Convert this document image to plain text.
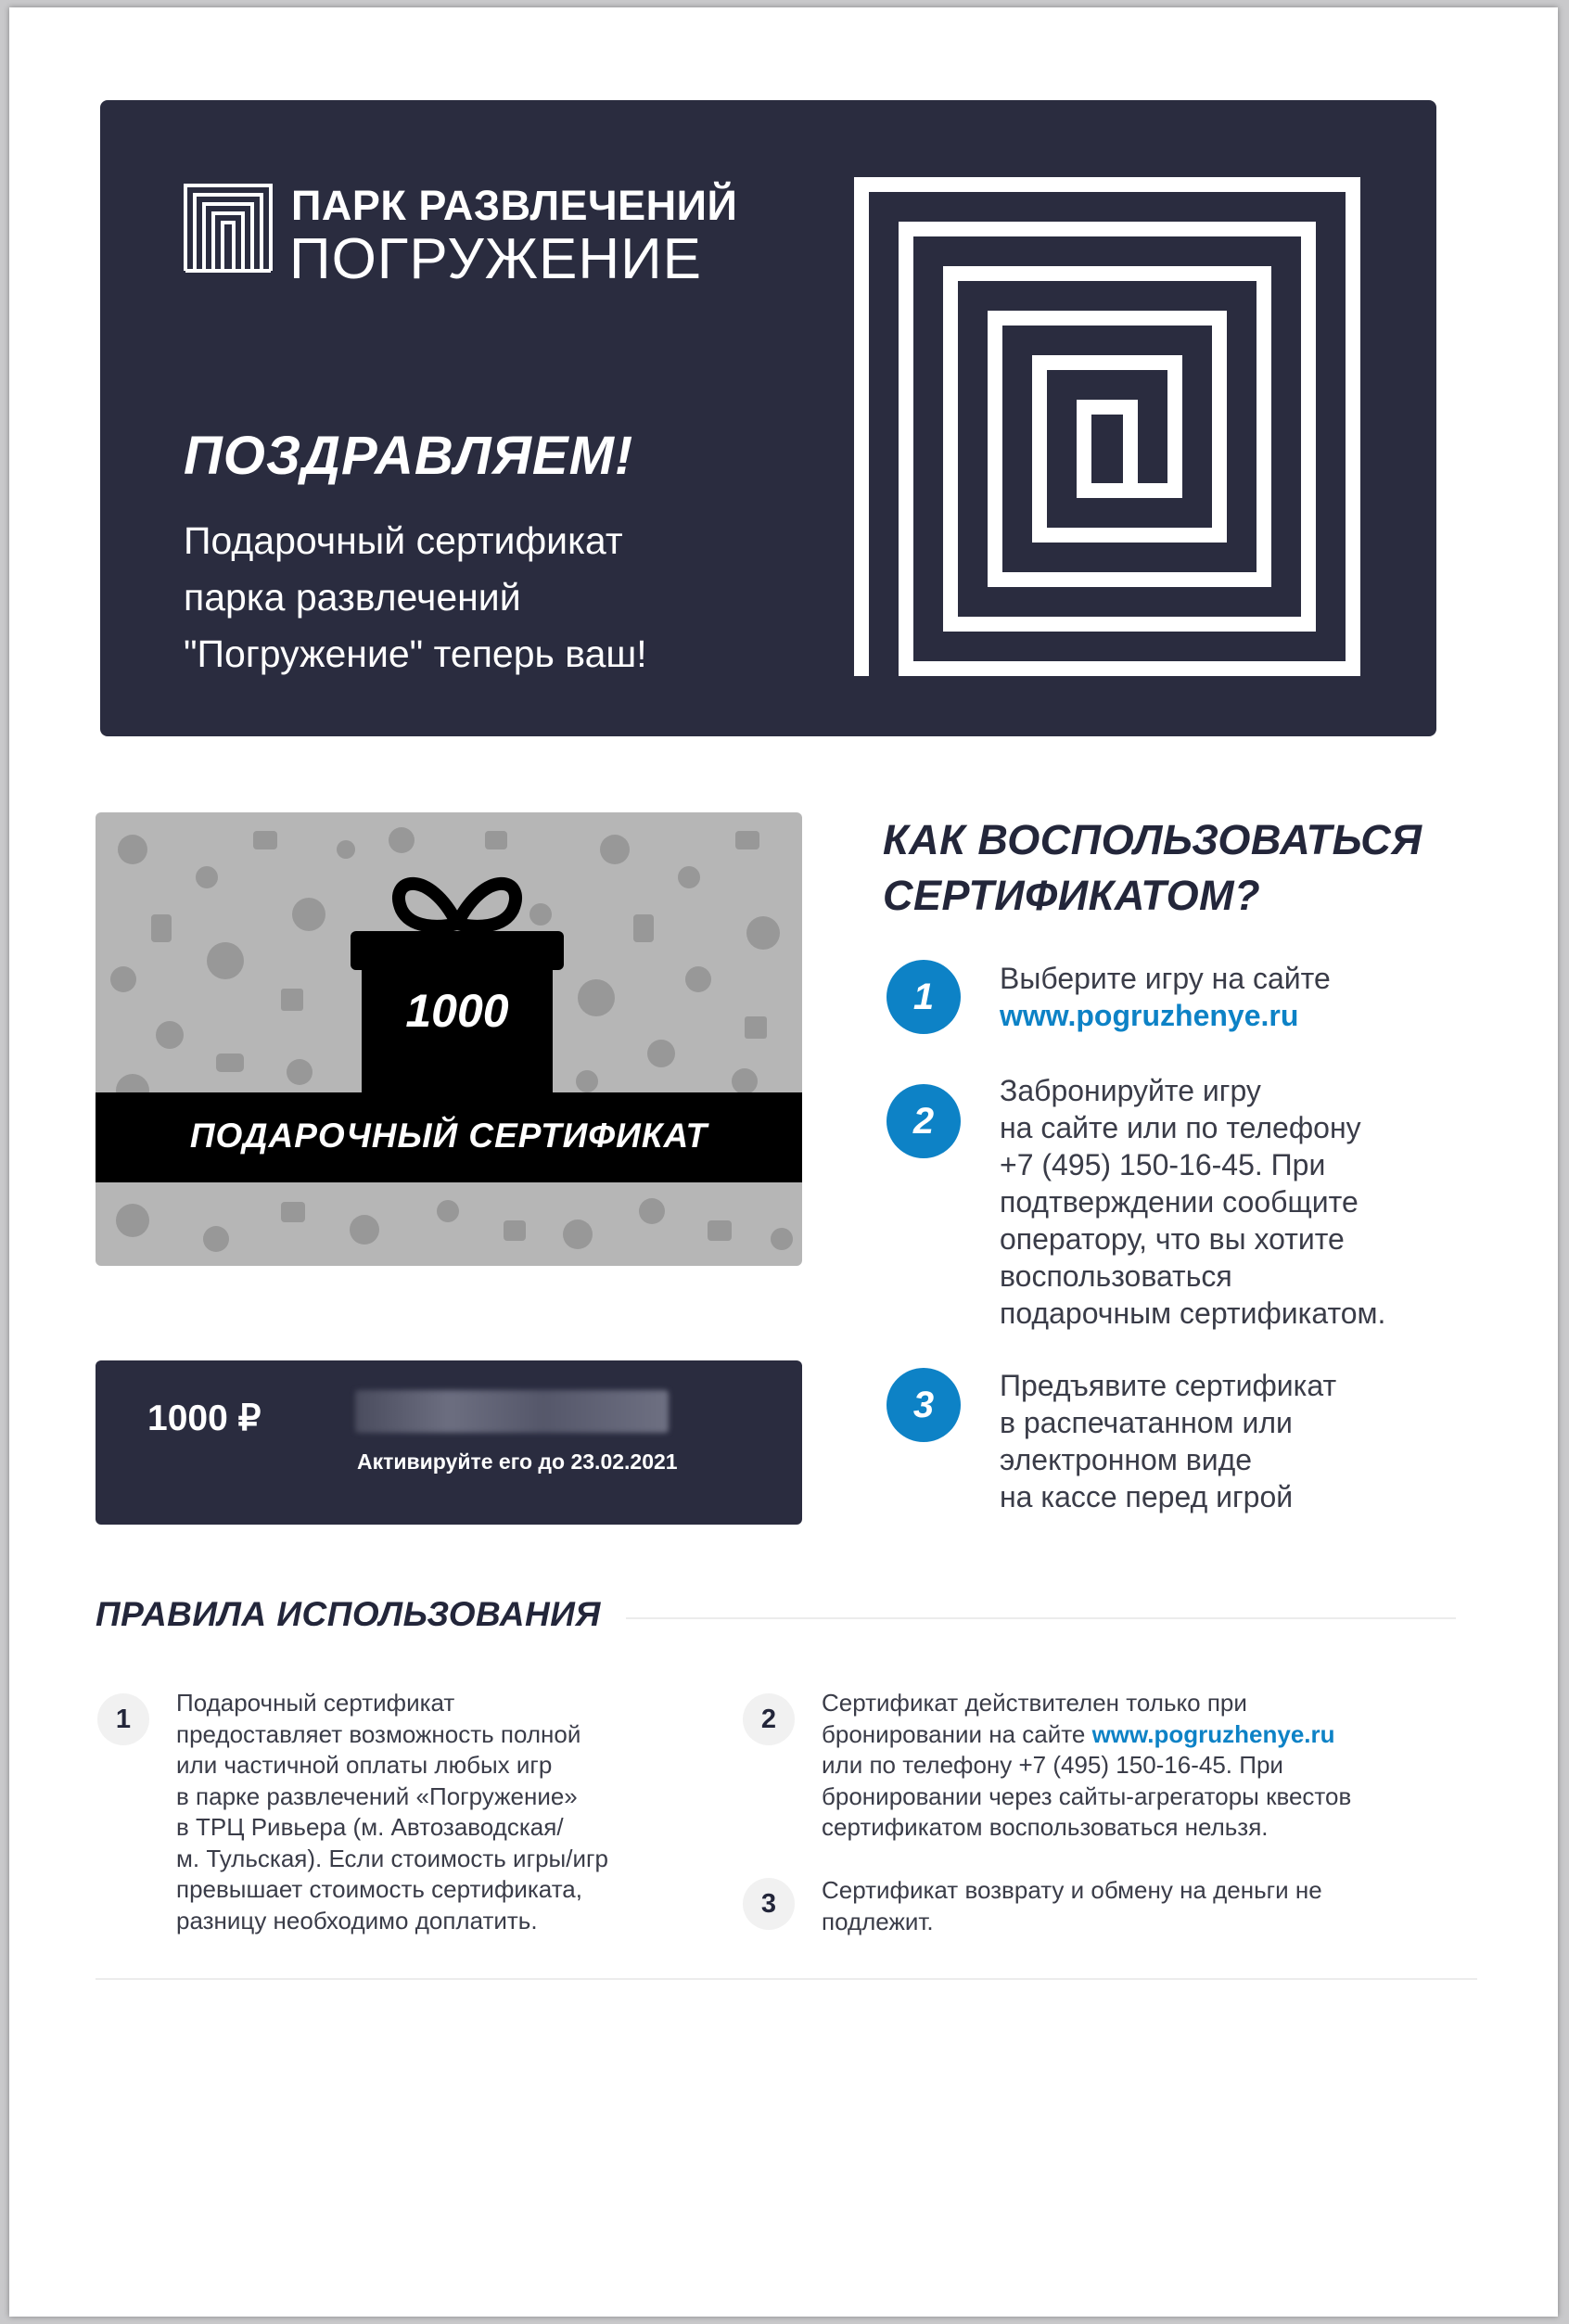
ПАРК РАЗВЛЕЧЕНИЙ
ПОГРУЖЕНИЕ
ПОЗДРАВЛЯЕМ!
Подарочный сертификат
парка развлечений
"Погружение" теперь ваш!
1000
ПОДАРОЧНЫЙ СЕРТИФИКАТ
1000 ₽
Активируйте его до 23.02.2021
КАК ВОСПОЛЬЗОВАТЬСЯ
СЕРТИФИКАТОМ?
1	Выберите игру на сайте
www.pogruzhenye.ru
2
Забронируйте игру
на сайте или по телефону
+7 (495) 150-16-45. При
подтверждении сообщите
оператору, что вы хотите
воспользоваться
подарочным сертификатом.
3	Предъявите сертификат
в распечатанном или
электронном виде
на кассе перед игрой
ПРАВИЛА ИСПОЛЬЗОВАНИЯ
1
Подарочный сертификат
предоставляет возможность полной
или частичной оплаты любых игр
в парке развлечений «Погружение»
в ТРЦ Ривьера (м. Автозаводская/
м. Тульская). Если стоимость игры/игр
превышает стоимость сертификата,
разницу необходимо доплатить.
2
Сертификат действителен только при
бронировании на сайте www.pogruzhenye.ru
или по телефону +7 (495) 150-16-45. При
бронировании через сайты-агрегаторы квестов
сертификатом воспользоваться нельзя.
3	Сертификат возврату и обмену на деньги не
подлежит.
